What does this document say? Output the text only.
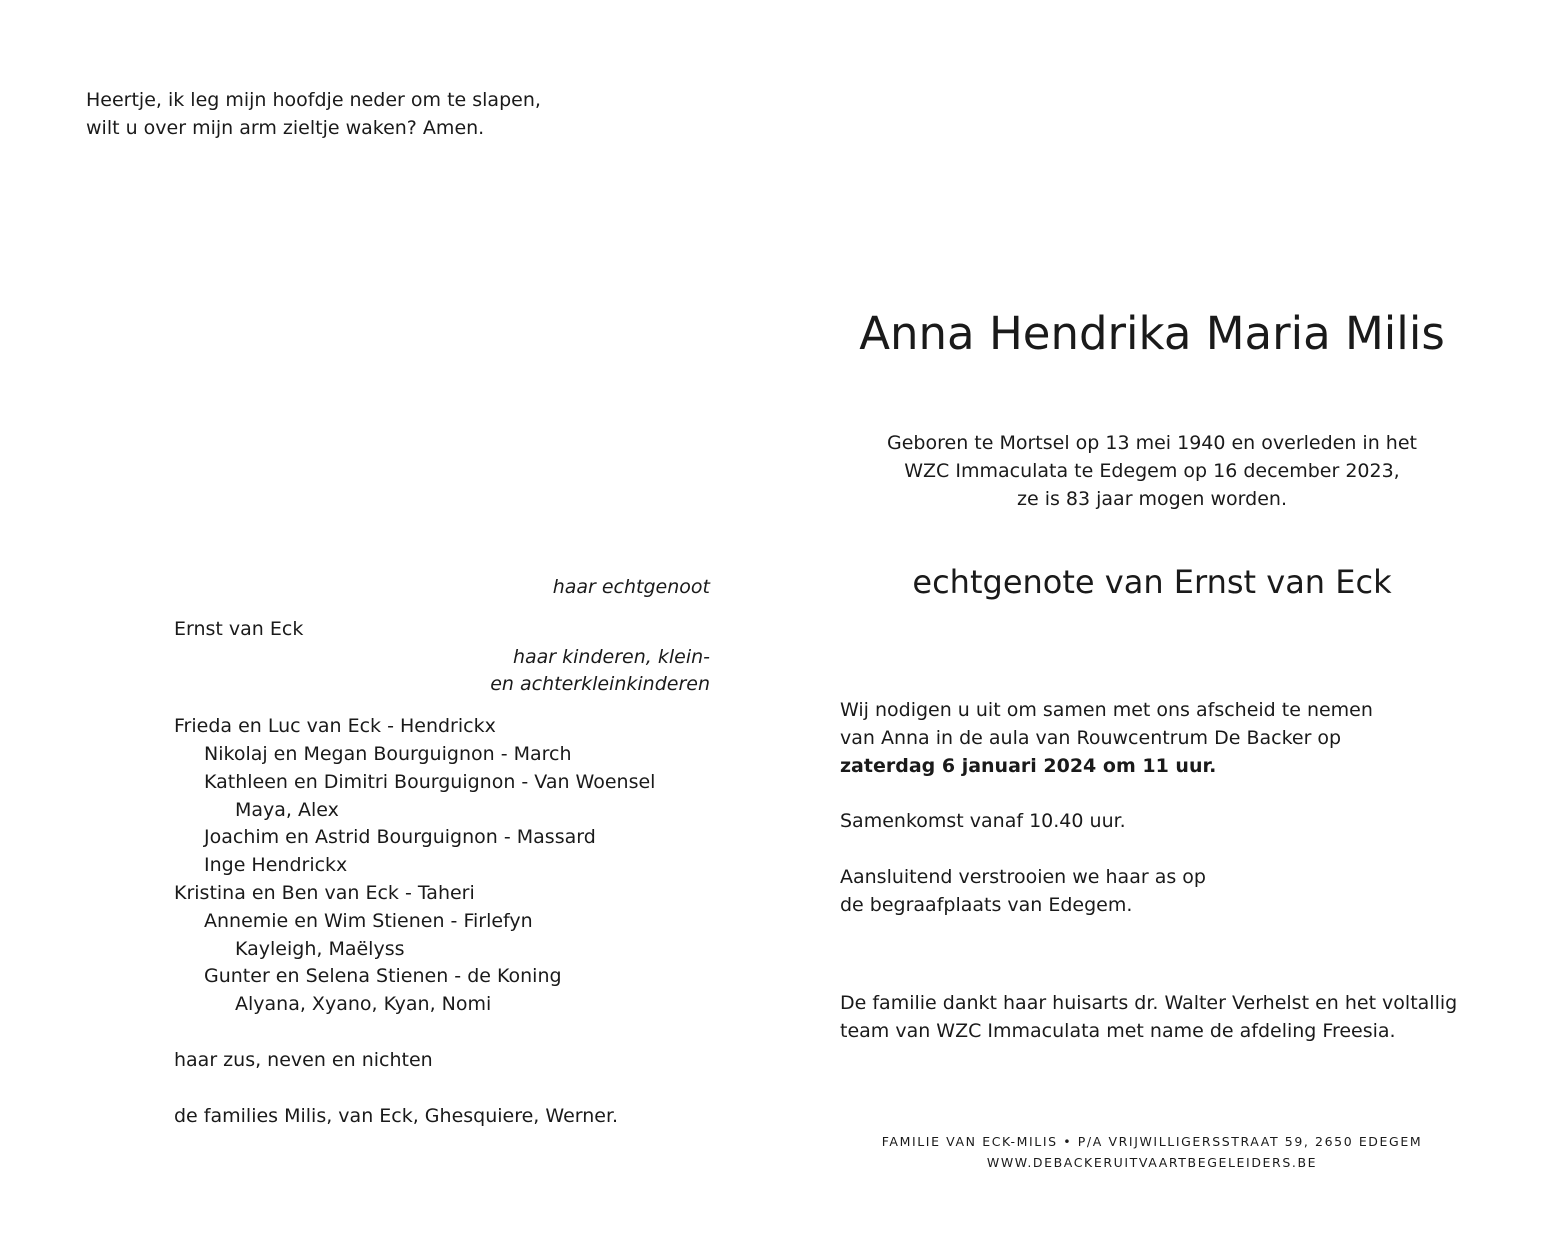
Heertje, ik leg mijn hoofdje neder om te slapen,
wilt u over mijn arm zieltje waken? Amen.
haar echtgenoot
Ernst van Eck
haar kinderen, klein-
en achterkleinkinderen
Frieda en Luc van Eck - Hendrickx
Nikolaj en Megan Bourguignon - March
Kathleen en Dimitri Bourguignon - Van Woensel
Maya, Alex
Joachim en Astrid Bourguignon - Massard
Inge Hendrickx
Kristina en Ben van Eck - Taheri
Annemie en Wim Stienen - Firlefyn
Kayleigh, Maëlyss
Gunter en Selena Stienen - de Koning
Alyana, Xyano, Kyan, Nomi
haar zus, neven en nichten
de families Milis, van Eck, Ghesquiere, Werner.
Anna Hendrika Maria Milis
Geboren te Mortsel op 13 mei 1940 en overleden in het
WZC Immaculata te Edegem op 16 december 2023,
ze is 83 jaar mogen worden.
echtgenote van Ernst van Eck
Wij nodigen u uit om samen met ons afscheid te nemen
van Anna in de aula van Rouwcentrum De Backer op
zaterdag 6 januari 2024 om 11 uur.
Samenkomst vanaf 10.40 uur.
Aansluitend verstrooien we haar as op
de begraafplaats van Edegem.
De familie dankt haar huisarts dr. Walter Verhelst en het voltallig team van WZC Immaculata met name de afdeling Freesia.
FAMILIE VAN ECK-MILIS • P/A VRIJWILLIGERSSTRAAT 59, 2650 EDEGEM
WWW.DEBACKERUITVAARTBEGELEIDERS.BE
